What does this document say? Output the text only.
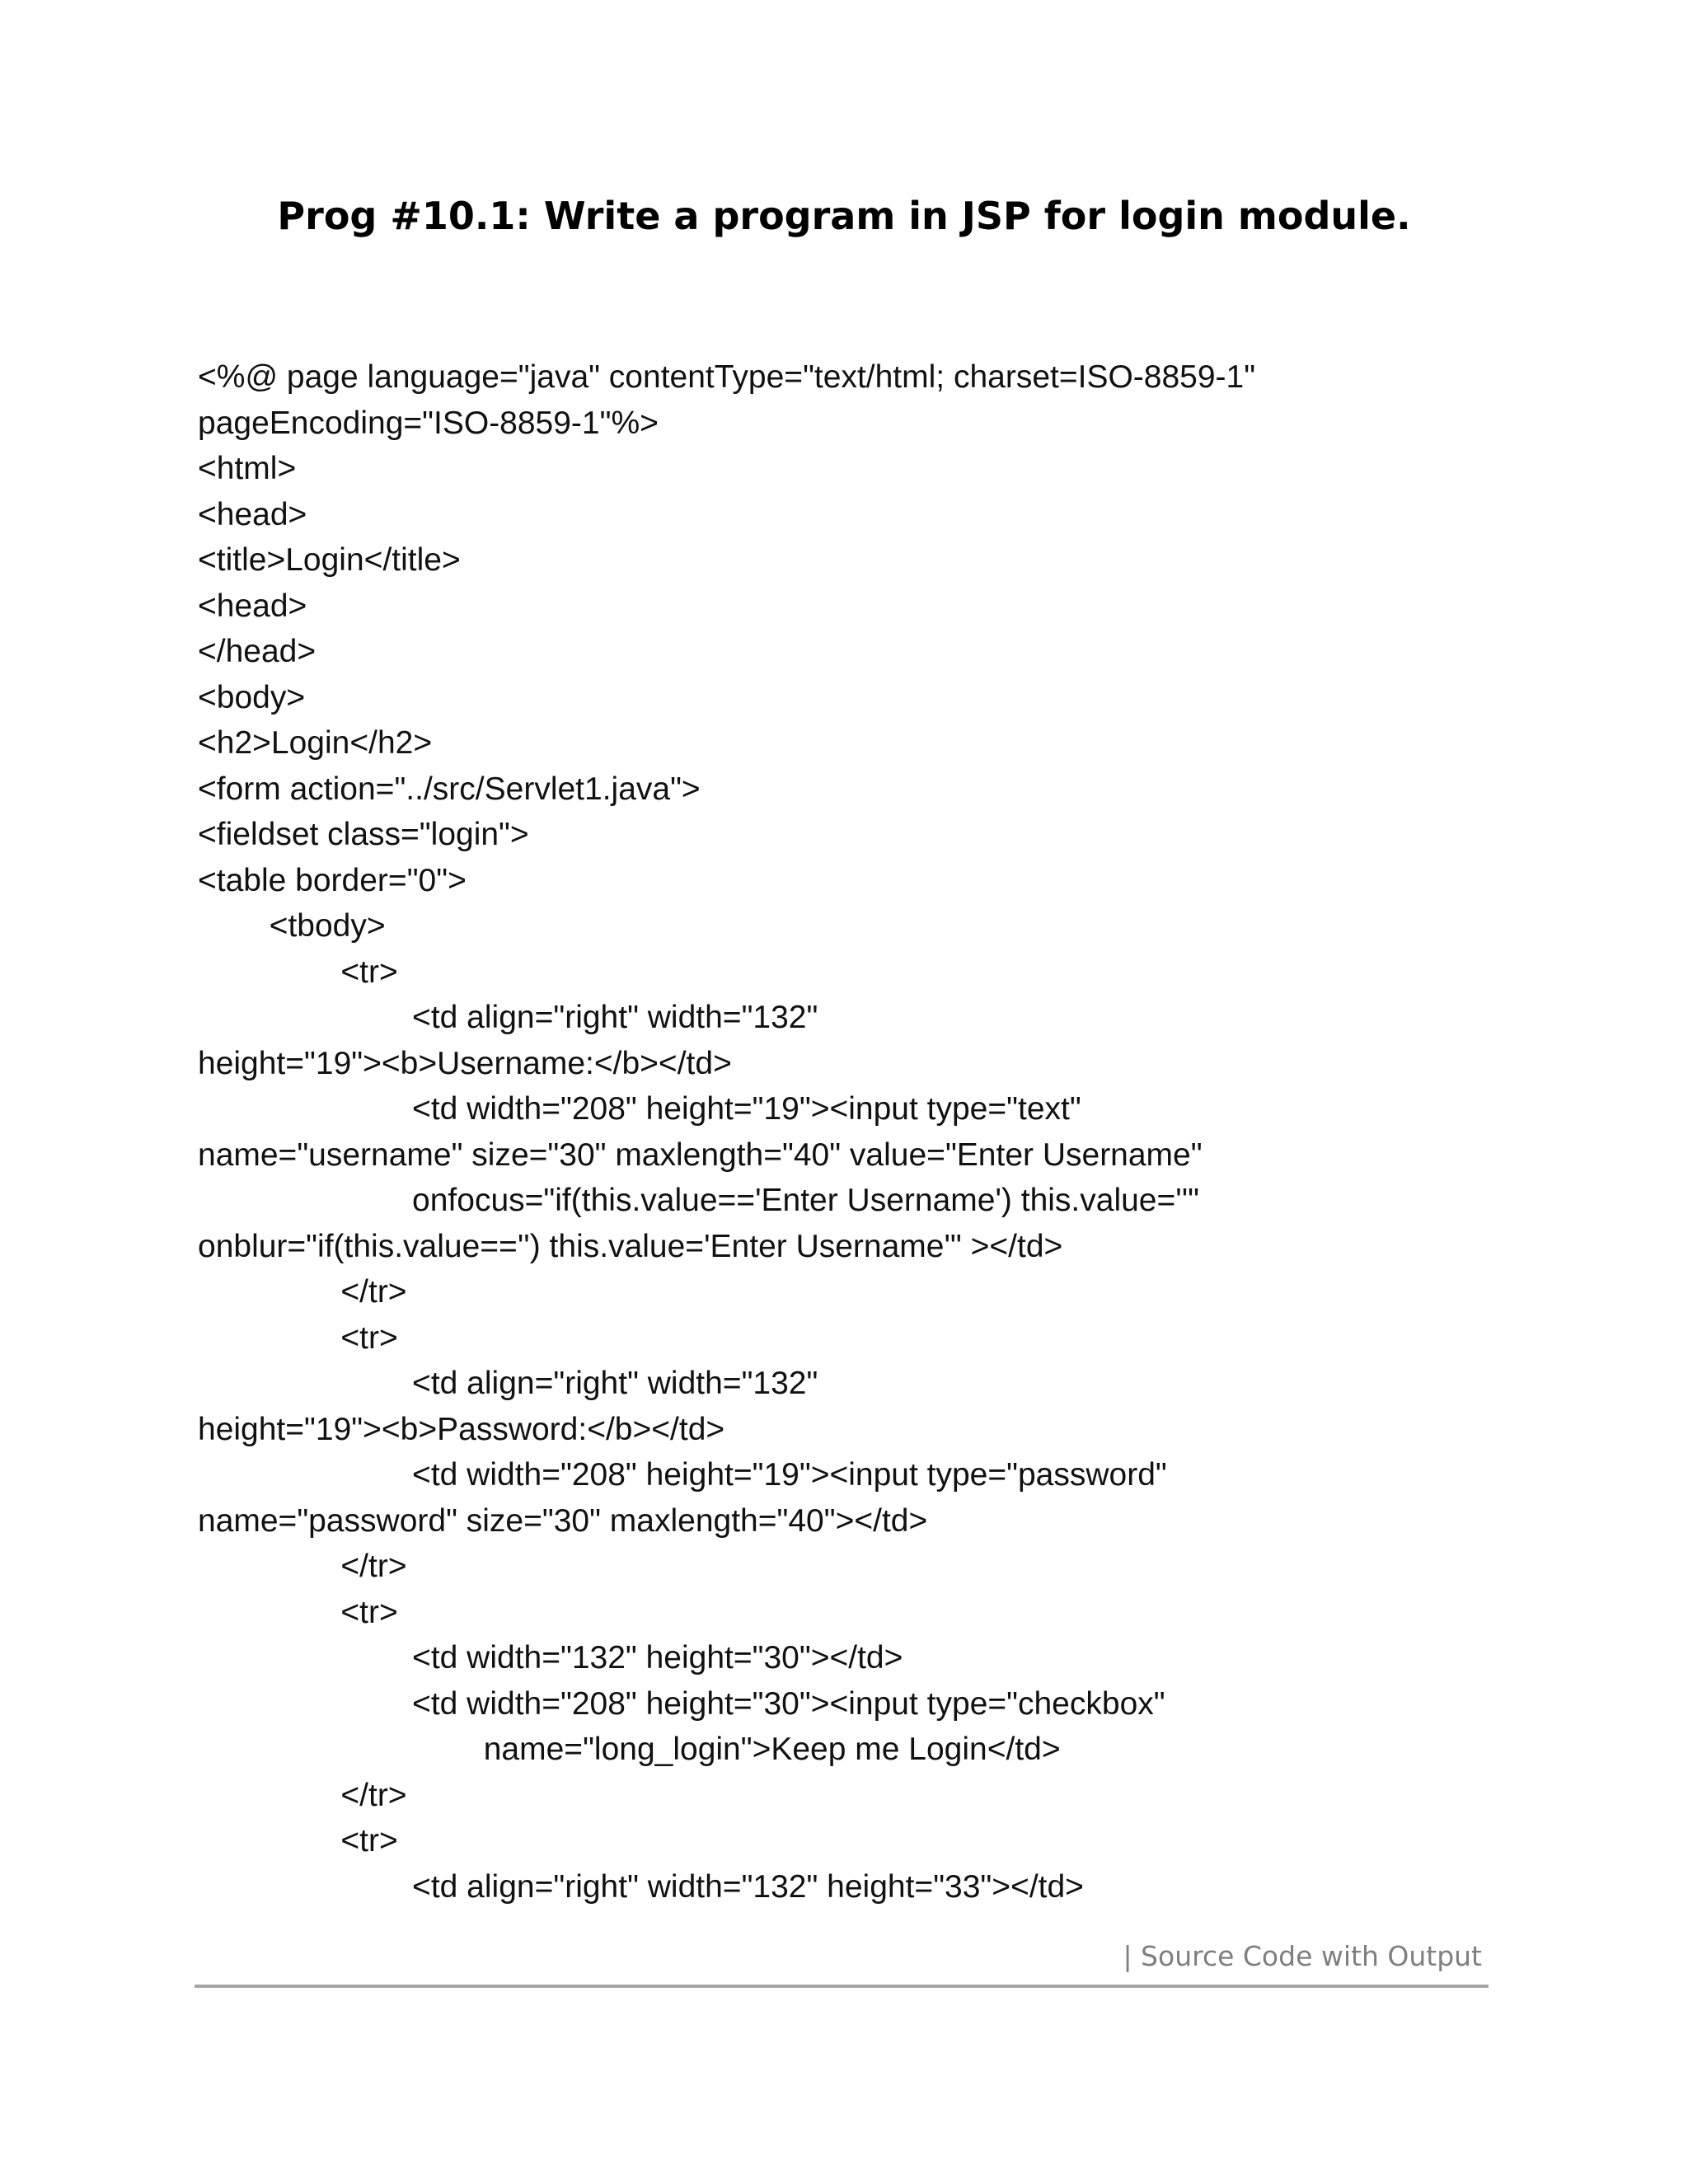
Prog #10.1: Write a program in JSP for login module.
<%@ page language="java" contentType="text/html; charset=ISO-8859-1"
pageEncoding="ISO-8859-1"%>
<html>
<head>
<title>Login</title>
<head>
</head>
<body>
<h2>Login</h2>
<form action="../src/Servlet1.java">
<fieldset class="login">
<table border="0">
<tbody>
<tr>
<td align="right" width="132"
height="19"><b>Username:</b></td>
<td width="208" height="19"><input type="text"
name="username" size="30" maxlength="40" value="Enter Username"
onfocus="if(this.value=='Enter Username') this.value=''"
onblur="if(this.value=='') this.value='Enter Username'" ></td>
</tr>
<tr>
<td align="right" width="132"
height="19"><b>Password:</b></td>
<td width="208" height="19"><input type="password"
name="password" size="30" maxlength="40"></td>
</tr>
<tr>
<td width="132" height="30"></td>
<td width="208" height="30"><input type="checkbox"
name="long_login">Keep me Login</td>
</tr>
<tr>
<td align="right" width="132" height="33"></td>
| Source Code with Output
